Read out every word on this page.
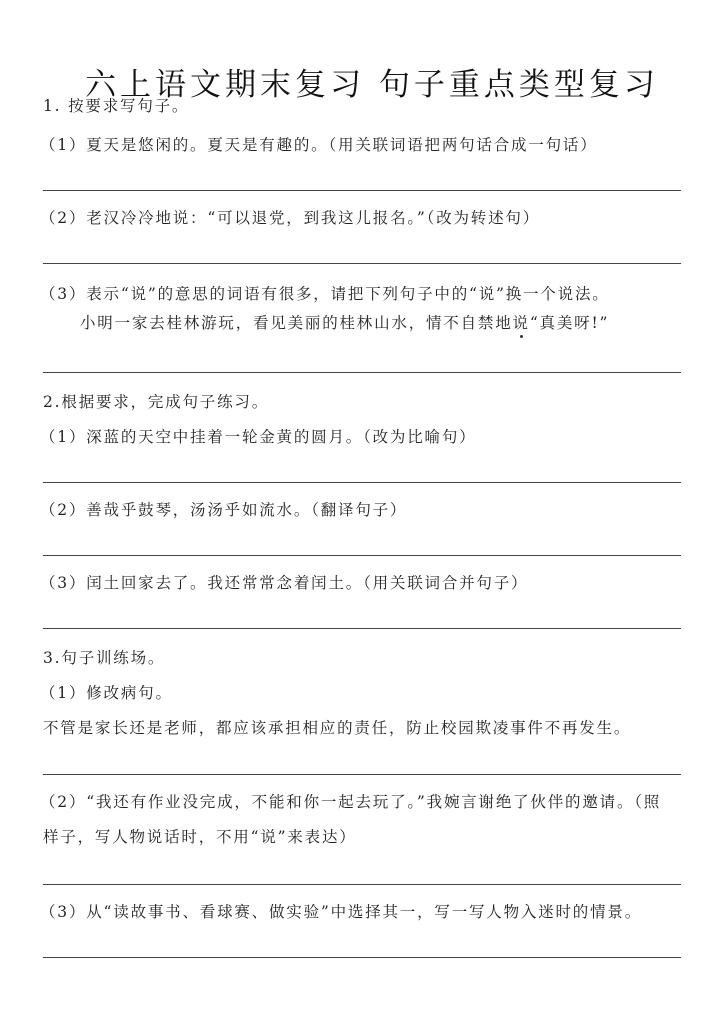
六上语文期末复习 句子重点类型复习
1. 按要求写句子。
（1）夏天是悠闲的。夏天是有趣的。（用关联词语把两句话合成一句话）
（2）老汉冷冷地说：“可以退党，到我这儿报名。”（改为转述句）
（3）表示“说”的意思的词语有很多，请把下列句子中的“说”换一个说法。
小明一家去桂林游玩，看见美丽的桂林山水，情不自禁地说“真美呀!”
2.根据要求，完成句子练习。
（1）深蓝的天空中挂着一轮金黄的圆月。（改为比喻句）
（2）善哉乎鼓琴，汤汤乎如流水。（翻译句子）
（3）闰土回家去了。我还常常念着闰土。（用关联词合并句子）
3.句子训练场。
（1）修改病句。
不管是家长还是老师，都应该承担相应的责任，防止校园欺凌事件不再发生。
（2）“我还有作业没完成，不能和你一起去玩了。”我婉言谢绝了伙伴的邀请。（照
样子，写人物说话时，不用“说”来表达）
（3）从“读故事书、看球赛、做实验”中选择其一，写一写人物入迷时的情景。
